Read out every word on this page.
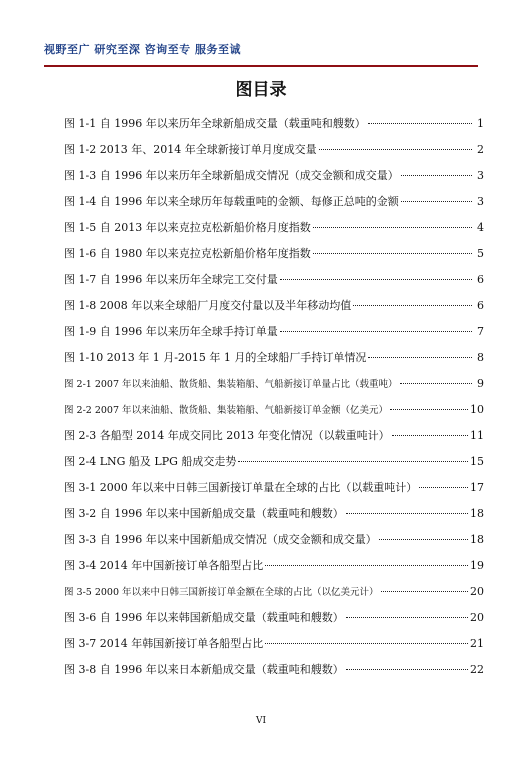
视野至广 研究至深 咨询至专 服务至诚
图目录
图 1-1 自 1996 年以来历年全球新船成交量（载重吨和艘数）	1
图 1-2 2013 年、2014 年全球新接订单月度成交量	2
图 1-3 自 1996 年以来历年全球新船成交情况（成交金额和成交量）	3
图 1-4 自 1996 年以来全球历年每载重吨的金额、每修正总吨的金额	3
图 1-5 自 2013 年以来克拉克松新船价格月度指数	4
图 1-6 自 1980 年以来克拉克松新船价格年度指数	5
图 1-7 自 1996 年以来历年全球完工交付量	6
图 1-8 2008 年以来全球船厂月度交付量以及半年移动均值	6
图 1-9 自 1996 年以来历年全球手持订单量	7
图 1-10 2013 年 1 月-2015 年 1 月的全球船厂手持订单情况	8
图 2-1 2007 年以来油船、散货船、集装箱船、气船新接订单量占比（载重吨）	9
图 2-2 2007 年以来油船、散货船、集装箱船、气船新接订单金额（亿美元）	10
图 2-3 各船型 2014 年成交同比 2013 年变化情况（以载重吨计）	11
图 2-4 LNG 船及 LPG 船成交走势	15
图 3-1 2000 年以来中日韩三国新接订单量在全球的占比（以载重吨计）	17
图 3-2 自 1996 年以来中国新船成交量（载重吨和艘数）	18
图 3-3 自 1996 年以来中国新船成交情况（成交金额和成交量）	18
图 3-4 2014 年中国新接订单各船型占比	19
图 3-5 2000 年以来中日韩三国新接订单金额在全球的占比（以亿美元计）	20
图 3-6 自 1996 年以来韩国新船成交量（载重吨和艘数）	20
图 3-7 2014 年韩国新接订单各船型占比	21
图 3-8 自 1996 年以来日本新船成交量（载重吨和艘数）	22
VI
